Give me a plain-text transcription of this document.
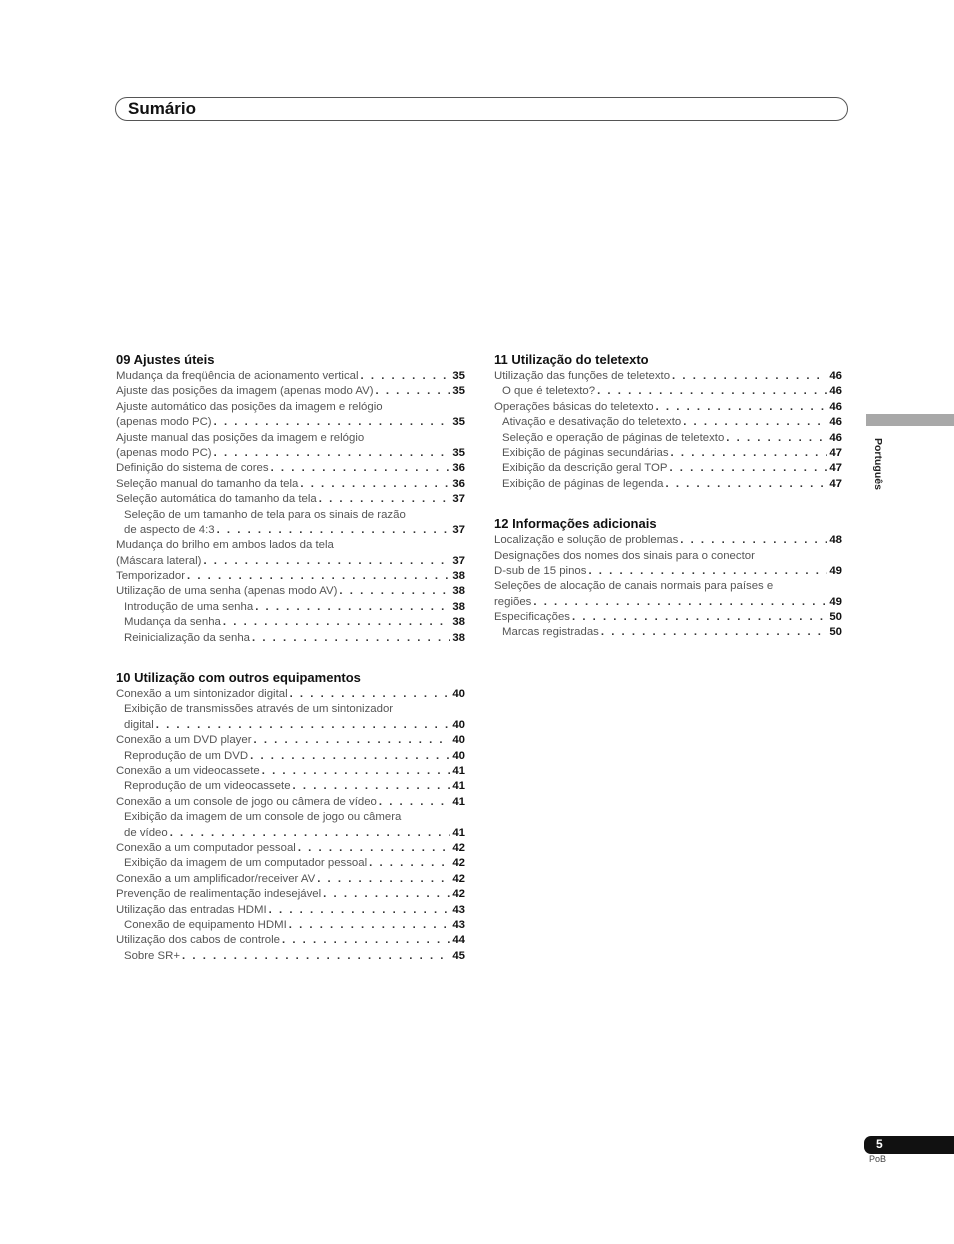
Sumário
09 Ajustes úteis
Mudança da freqüência de acionamento vertical . . .	35
Ajuste das posições da imagem (apenas modo AV) . . .	35
Ajuste automático das posições da imagem e relógio
(apenas modo PC) . . .	35
Ajuste manual das posições da imagem e relógio
(apenas modo PC) . . .	35
Definição do sistema de cores . . .	36
Seleção manual do tamanho da tela . . .	36
Seleção automática do tamanho da tela . . .	37
Seleção de um tamanho de tela para os sinais de razão
de aspecto de 4:3 . . .	37
Mudança do brilho em ambos lados da tela
(Máscara lateral) . . .	37
Temporizador . . .	38
Utilização de uma senha (apenas modo AV) . . .	38
Introdução de uma senha . . .	38
Mudança da senha . . .	38
Reinicialização da senha . . .	38
10 Utilização com outros equipamentos
Conexão a um sintonizador digital . . .	40
Exibição de transmissões através de um sintonizador
digital . . .	40
Conexão a um DVD player . . .	40
Reprodução de um DVD . . .	40
Conexão a um videocassete . . .	41
Reprodução de um videocassete . . .	41
Conexão a um console de jogo ou câmera de vídeo . . .	41
Exibição da imagem de um console de jogo ou câmera
de vídeo . . .	41
Conexão a um computador pessoal . . .	42
Exibição da imagem de um computador pessoal . . .	42
Conexão a um amplificador/receiver AV . . .	42
Prevenção de realimentação indesejável . . .	42
Utilização das entradas HDMI . . .	43
Conexão de equipamento HDMI . . .	43
Utilização dos cabos de controle . . .	44
Sobre SR+ . . .	45
11 Utilização do teletexto
Utilização das funções de teletexto . . .	46
O que é teletexto? . . .	46
Operações básicas do teletexto . . .	46
Ativação e desativação do teletexto . . .	46
Seleção e operação de páginas de teletexto . . .	46
Exibição de páginas secundárias . . .	47
Exibição da descrição geral TOP . . .	47
Exibição de páginas de legenda . . .	47
12 Informações adicionais
Localização e solução de problemas . . .	48
Designações dos nomes dos sinais para o conector
D-sub de 15 pinos . . .	49
Seleções de alocação de canais normais para países e
regiões . . .	49
Especificações . . .	50
Marcas registradas . . .	50
Português
5
PoB
